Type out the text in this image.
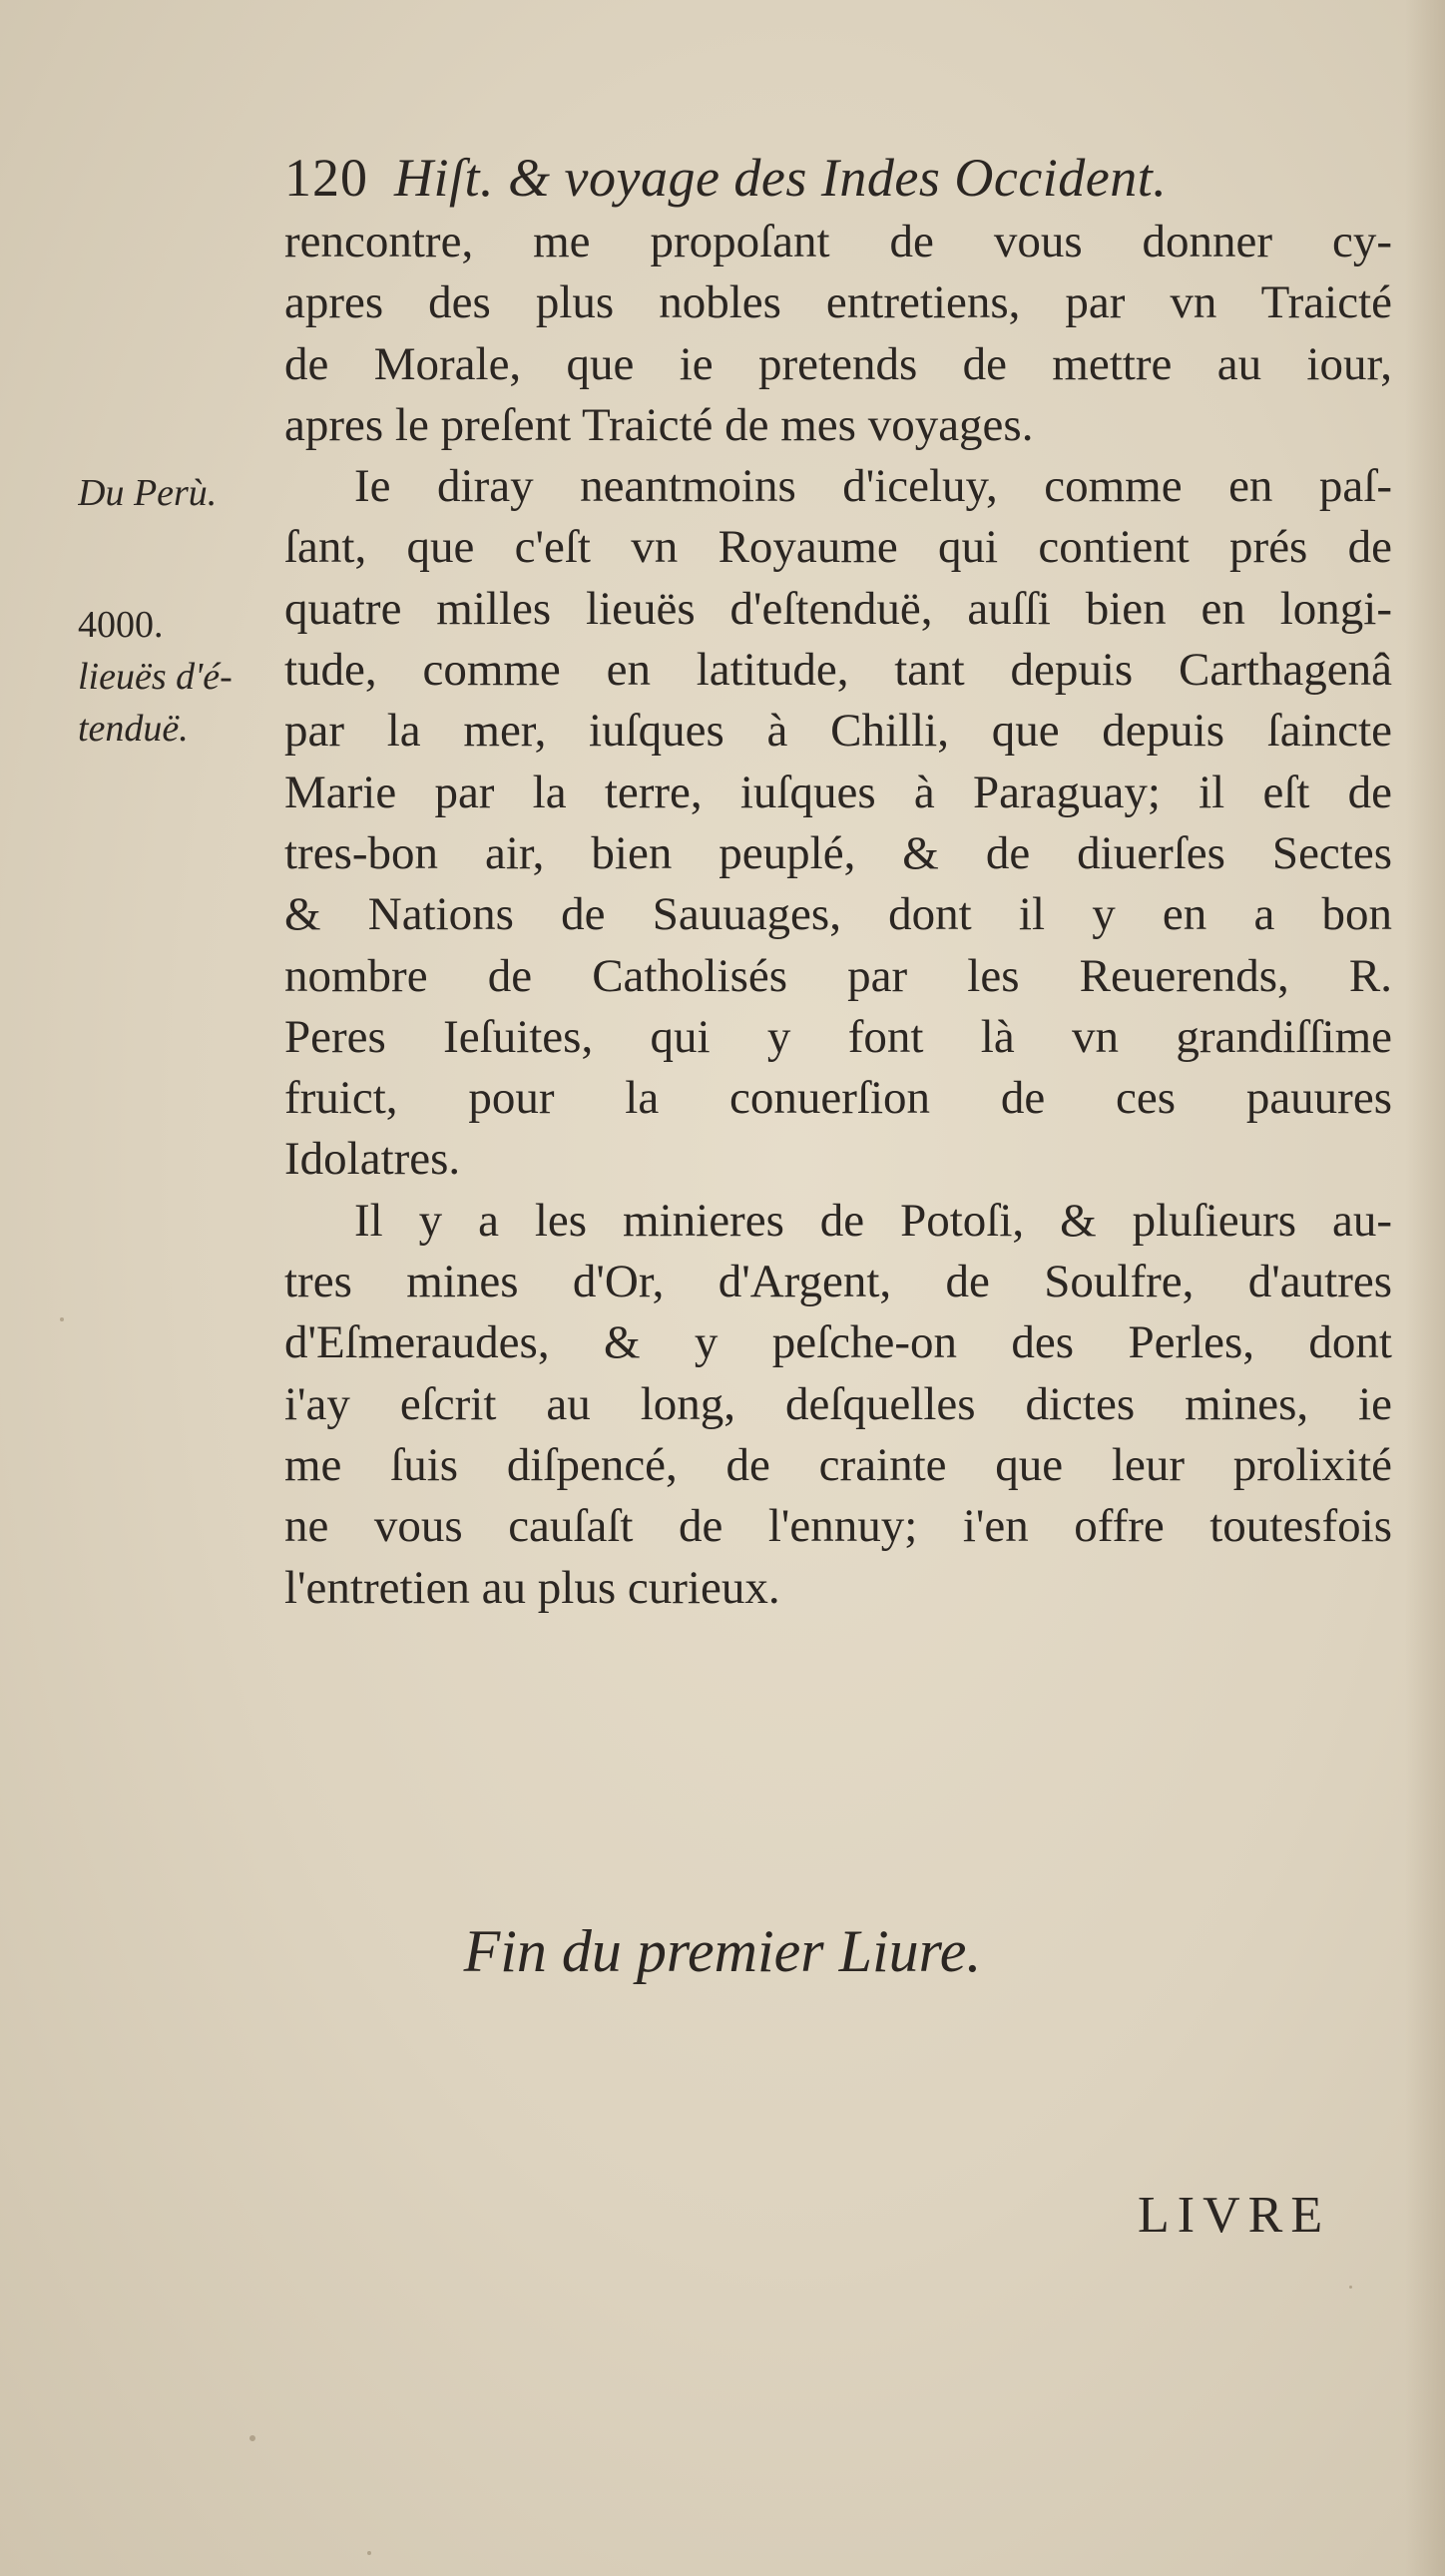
120 Hiſt. & voyage des Indes Occident.
Du Perù.
4000.
lieuës d'é-
tenduë.
rencontre, me propoſant de vous donner cy-
apres des plus nobles entretiens, par vn Traicté
de Morale, que ie pretends de mettre au iour,
apres le preſent Traicté de mes voyages.
Ie diray neantmoins d'iceluy, comme en paſ-
ſant, que c'eſt vn Royaume qui contient prés de
quatre milles lieuës d'eſtenduë, auſſi bien en longi-
tude, comme en latitude, tant depuis Carthagenâ
par la mer, iuſques à Chilli, que depuis ſaincte
Marie par la terre, iuſques à Paraguay; il eſt de
tres-bon air, bien peuplé, & de diuerſes Sectes
& Nations de Sauuages, dont il y en a bon
nombre de Catholisés par les Reuerends, R.
Peres Ieſuites, qui y font là vn grandiſſime
fruict, pour la conuerſion de ces pauures
Idolatres.
Il y a les minieres de Potoſi, & pluſieurs au-
tres mines d'Or, d'Argent, de Soulfre, d'autres
d'Eſmeraudes, & y peſche-on des Perles, dont
i'ay eſcrit au long, deſquelles dictes mines, ie
me ſuis diſpencé, de crainte que leur prolixité
ne vous cauſaſt de l'ennuy; i'en offre toutesfois
l'entretien au plus curieux.
Fin du premier Liure.
LIVRE
